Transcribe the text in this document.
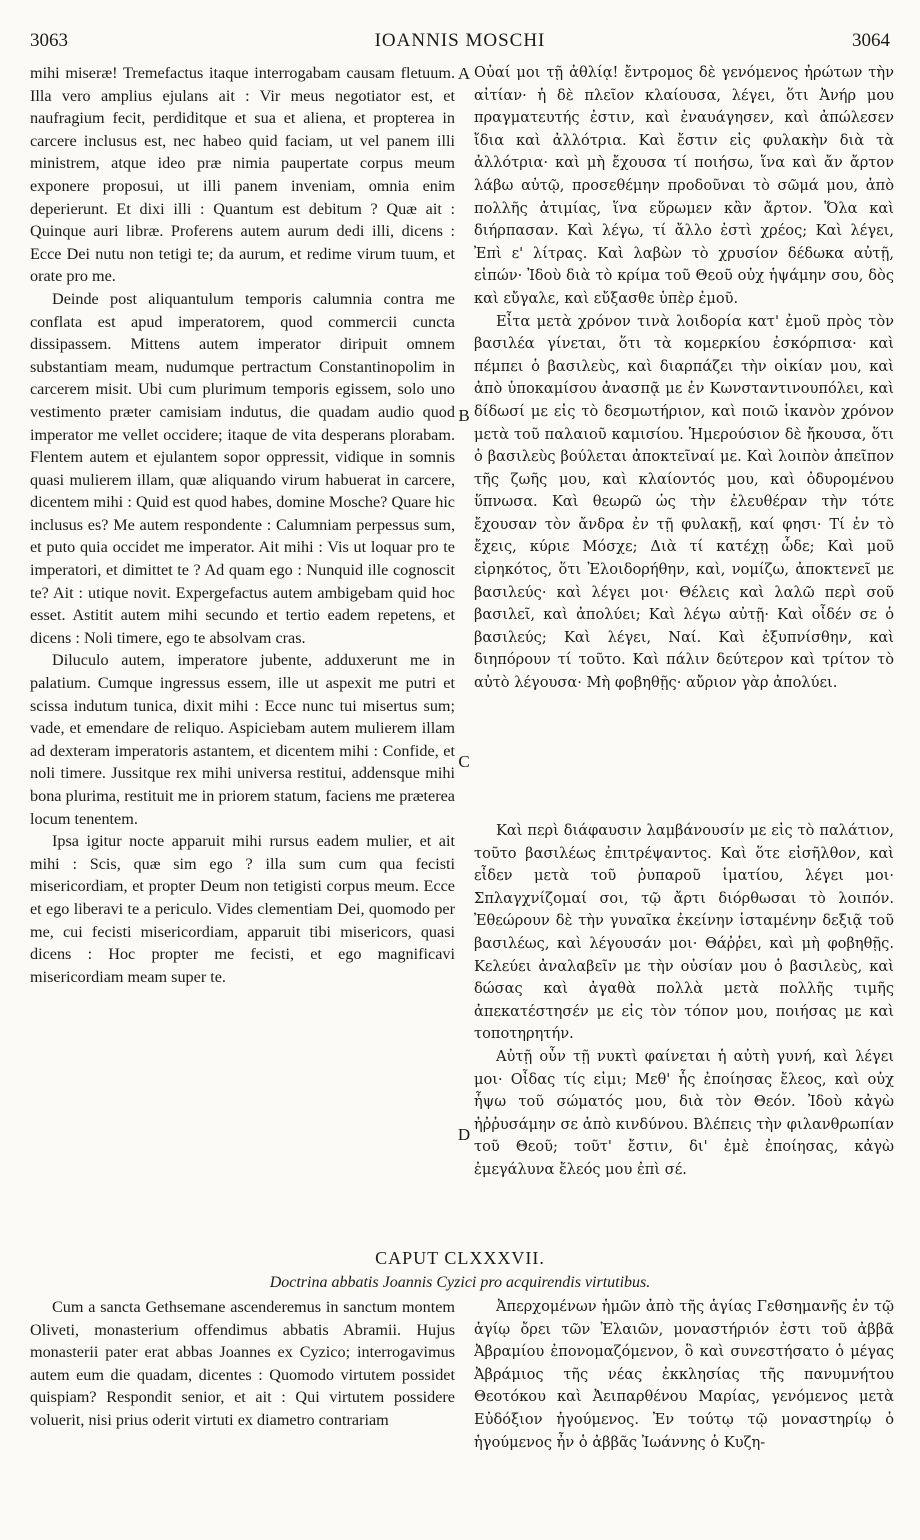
3063	IOANNIS MOSCHI	3064

mihi miseræ! Tremefactus itaque interrogabam causam fletuum. Illa vero amplius ejulans ait : Vir meus negotiator est, et naufragium fecit, perdiditque et sua et aliena, et propterea in carcere inclusus est, nec habeo quid faciam, ut vel panem illi ministrem, atque ideo præ nimia paupertate corpus meum exponere proposui, ut illi panem inveniam, omnia enim deperierunt. Et dixi illi : Quantum est debitum ? Quæ ait : Quinque auri libræ. Proferens autem aurum dedi illi, dicens : Ecce Dei nutu non tetigi te; da aurum, et redime virum tuum, et orate pro me.

Deinde post aliquantulum temporis calumnia contra me conflata est apud imperatorem, quod commercii cuncta dissipassem. Mittens autem imperator diripuit omnem substantiam meam, nudumque pertractum Constantinopolim in carcerem misit. Ubi cum plurimum temporis egissem, solo uno vestimento præter camisiam indutus, die quadam audio quod imperator me vellet occidere; itaque de vita desperans plorabam. Flentem autem et ejulantem sopor oppressit, vidique in somnis quasi mulierem illam, quæ aliquando virum habuerat in carcere, dicentem mihi : Quid est quod habes, domine Mosche? Quare hic inclusus es? Me autem respondente : Calumniam perpessus sum, et puto quia occidet me imperator. Ait mihi : Vis ut loquar pro te imperatori, et dimittet te ? Ad quam ego : Nunquid ille cognoscit te? Ait : utique novit. Expergefactus autem ambigebam quid hoc esset. Astitit autem mihi secundo et tertio eadem repetens, et dicens : Noli timere, ego te absolvam cras.

Diluculo autem, imperatore jubente, adduxerunt me in palatium. Cumque ingressus essem, ille ut aspexit me putri et scissa indutum tunica, dixit mihi : Ecce nunc tui misertus sum; vade, et emendare de reliquo. Aspiciebam autem mulierem illam ad dexteram imperatoris astantem, et dicentem mihi : Confide, et noli timere. Jussitque rex mihi universa restitui, addensque mihi bona plurima, restituit me in priorem statum, faciens me præterea locum tenentem.

Ipsa igitur nocte apparuit mihi rursus eadem mulier, et ait mihi : Scis, quæ sim ego ? illa sum cum qua fecisti misericordiam, et propter Deum non tetigisti corpus meum. Ecce et ego liberavi te a periculo. Vides clementiam Dei, quomodo per me, cui fecisti misericordiam, apparuit tibi misericors, quasi dicens : Hoc propter me fecisti, et ego magnificavi misericordiam meam super te.

A
B
C
D

Οὐαί μοι τῇ ἀθλίᾳ! ἔντρομος δὲ γενόμενος ἠρώτων τὴν αἰτίαν· ἡ δὲ πλεῖον κλαίουσα, λέγει, ὅτι Ἀνήρ μου πραγματευτής ἐστιν, καὶ ἐναυάγησεν, καὶ ἀπώλεσεν ἴδια καὶ ἀλλότρια. Καὶ ἔστιν εἰς φυλακὴν διὰ τὰ ἀλλότρια· καὶ μὴ ἔχουσα τί ποιήσω, ἵνα καὶ ἄν ἄρτον λάβω αὐτῷ, προσεθέμην προδοῦναι τὸ σῶμά μου, ἀπὸ πολλῆς ἀτιμίας, ἵνα εὕρωμεν κἂν ἄρτον. Ὅλα καὶ διήρπασαν. Καὶ λέγω, τί ἄλλο ἐστὶ χρέος; Καὶ λέγει, Ἐπὶ ε' λίτρας. Καὶ λαβὼν τὸ χρυσίον δέδωκα αὐτῇ, εἰπών· Ἰδοὺ διὰ τὸ κρίμα τοῦ Θεοῦ οὐχ ἡψάμην σου, δὸς καὶ εὔγαλε, καὶ εὔξασθε ὑπὲρ ἐμοῦ.

Εἶτα μετὰ χρόνον τινὰ λοιδορία κατ' ἐμοῦ πρὸς τὸν βασιλέα γίνεται, ὅτι τὰ κομερκίου ἐσκόρπισα· καὶ πέμπει ὁ βασιλεὺς, καὶ διαρπάζει τὴν οἰκίαν μου, καὶ ἀπὸ ὑποκαμίσου ἀνασπᾷ με ἐν Κωνσταντινουπόλει, καὶ δίδωσί με εἰς τὸ δεσμωτήριον, καὶ ποιῶ ἱκανὸν χρόνον μετὰ τοῦ παλαιοῦ καμισίου. Ἡμερούσιον δὲ ἤκουσα, ὅτι ὁ βασιλεὺς βούλεται ἀποκτεῖναί με. Καὶ λοιπὸν ἀπεῖπον τῆς ζωῆς μου, καὶ κλαίοντός μου, καὶ ὀδυρομένου ὕπνωσα. Καὶ θεωρῶ ὡς τὴν ἐλευθέραν τὴν τότε ἔχουσαν τὸν ἄνδρα ἐν τῇ φυλακῇ, καί φησι· Τί ἐν τὸ ἔχεις, κύριε Μόσχε; Διὰ τί κατέχῃ ὧδε; Καὶ μοῦ εἰρηκότος, ὅτι Ἐλοιδορήθην, καὶ, νομίζω, ἀποκτενεῖ με βασιλεύς· καὶ λέγει μοι· Θέλεις καὶ λαλῶ περὶ σοῦ βασιλεῖ, καὶ ἀπολύει; Καὶ λέγω αὐτῇ· Καὶ οἶδέν σε ὁ βασιλεύς; Καὶ λέγει, Ναί. Καὶ ἐξυπνίσθην, καὶ διηπόρουν τί τοῦτο. Καὶ πάλιν δεύτερον καὶ τρίτον τὸ αὐτὸ λέγουσα· Μὴ φοβηθῇς· αὔριον γὰρ ἀπολύει.

Καὶ περὶ διάφαυσιν λαμβάνουσίν με εἰς τὸ παλάτιον, τοῦτο βασιλέως ἐπιτρέψαντος. Καὶ ὅτε εἰσῆλθον, καὶ εἶδεν μετὰ τοῦ ῥυπαροῦ ἱματίου, λέγει μοι· Σπλαγχνίζομαί σοι, τῷ ἄρτι διόρθωσαι τὸ λοιπόν. Ἐθεώρουν δὲ τὴν γυναῖκα ἐκείνην ἱσταμένην δεξιᾷ τοῦ βασιλέως, καὶ λέγουσάν μοι· Θάῤῥει, καὶ μὴ φοβηθῇς. Κελεύει ἀναλαβεῖν με τὴν οὐσίαν μου ὁ βασιλεὺς, καὶ δώσας καὶ ἀγαθὰ πολλὰ μετὰ πολλῆς τιμῆς ἀπεκατέστησέν με εἰς τὸν τόπον μου, ποιήσας με καὶ τοποτηρητήν.

Αὐτῇ οὖν τῇ νυκτὶ φαίνεται ἡ αὐτὴ γυνή, καὶ λέγει μοι· Οἶδας τίς εἰμι; Μεθ' ἧς ἐποίησας ἔλεος, καὶ οὐχ ἧψω τοῦ σώματός μου, διὰ τὸν Θεόν. Ἰδοὺ κἀγὼ ἠῤῥυσάμην σε ἀπὸ κινδύνου. Βλέπεις τὴν φιλανθρωπίαν τοῦ Θεοῦ; τοῦτ' ἔστιν, δι' ἐμὲ ἐποίησας, κἀγὼ ἐμεγάλυνα ἔλεός μου ἐπὶ σέ.

CAPUT CLXXXVII.
Doctrina abbatis Joannis Cyzici pro acquirendis virtutibus.

Cum a sancta Gethsemane ascenderemus in sanctum montem Oliveti, monasterium offendimus abbatis Abramii. Hujus monasterii pater erat abbas Joannes ex Cyzico; interrogavimus autem eum die quadam, dicentes : Quomodo virtutem possidet quispiam? Respondit senior, et ait : Qui virtutem possidere voluerit, nisi prius oderit virtuti ex diametro contrariam

Ἀπερχομένων ἡμῶν ἀπὸ τῆς ἁγίας Γεθσημανῆς ἐν τῷ ἁγίῳ ὄρει τῶν Ἐλαιῶν, μοναστήριόν ἐστι τοῦ ἀββᾶ Ἀβραμίου ἐπονομαζόμενον, ὃ καὶ συνεστήσατο ὁ μέγας Ἀβράμιος τῆς νέας ἐκκλησίας τῆς πανυμνήτου Θεοτόκου καὶ Ἀειπαρθένου Μαρίας, γενόμενος μετὰ Εὐδόξιον ἡγούμενος. Ἐν τούτῳ τῷ μοναστηρίῳ ὁ ἡγούμενος ἦν ὁ ἀββᾶς Ἰωάννης ὁ Κυζη-
